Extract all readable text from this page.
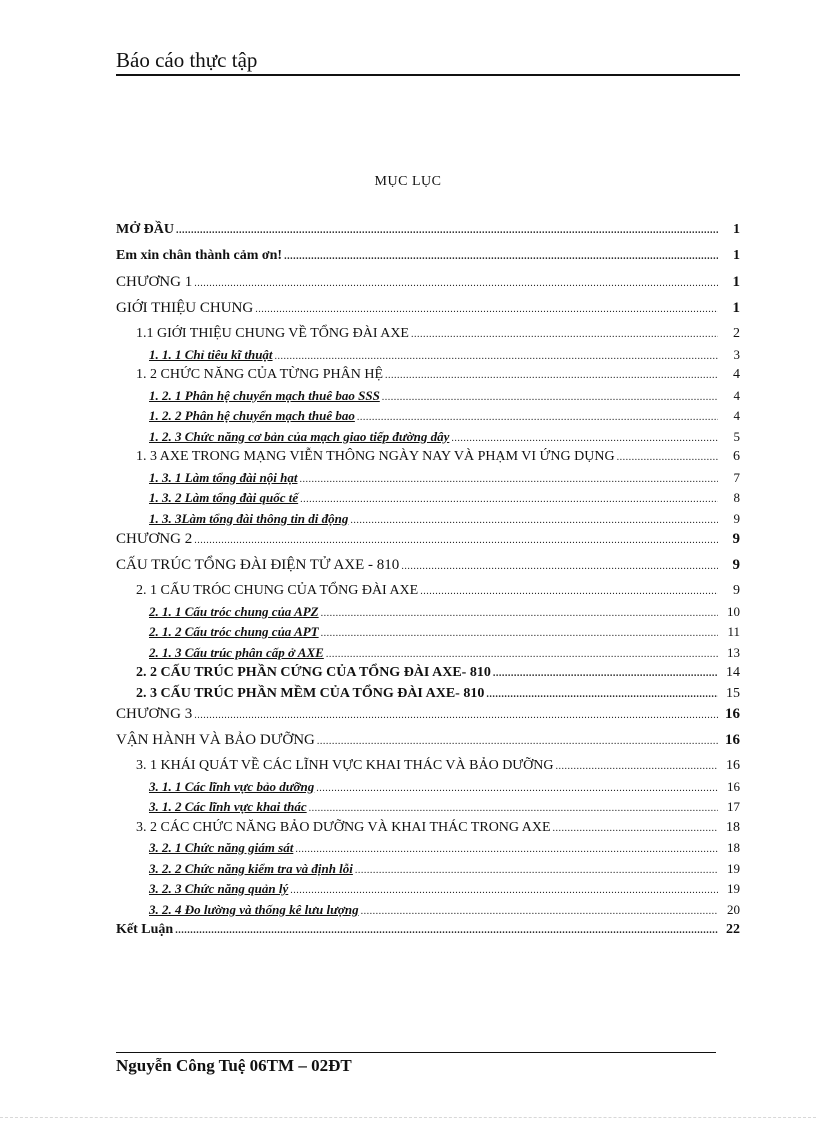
Báo cáo thực tập
MỤC LỤC
MỞ ĐẦU .....	1
Em xin chân thành cảm ơn! .....	1
CHƯƠNG 1 .....	1
GIỚI THIỆU CHUNG .....	1
1.1 GIỚI THIỆU CHUNG VỀ TỔNG ĐÀI AXE .....	2
1. 1. 1 Chỉ tiêu kĩ thuật .....	3
1. 2 CHỨC NĂNG CỦA TỪNG PHÂN HỆ .....	4
1. 2. 1 Phân hệ chuyển mạch thuê bao SSS .....	4
1. 2. 2 Phân hệ chuyển mạch thuê bao .....	4
1. 2. 3 Chức năng cơ bản của mạch giao tiếp đường dây .....	5
1. 3 AXE TRONG MẠNG VIỄN THÔNG NGÀY NAY VÀ PHẠM VI ỨNG DỤNG .....	6
1. 3. 1 Làm tổng đài nội hạt .....	7
1. 3. 2 Làm tổng đài quốc tế .....	8
1. 3. 3Làm tổng đài thông tin di động .....	9
CHƯƠNG 2 .....	9
CẤU TRÚC TỔNG ĐÀI ĐIỆN TỬ AXE - 810 .....	9
2. 1 CẤU TRÓC CHUNG CỦA TỔNG ĐÀI AXE .....	9
2. 1. 1 Cấu tróc chung của APZ .....	10
2. 1. 2 Cấu tróc chung của APT .....	11
2. 1. 3 Cấu trúc phân cấp ở AXE .....	13
2. 2 CẤU TRÚC PHẦN CỨNG CỦA TỔNG ĐÀI AXE- 810 .....	14
2. 3 CẤU TRÚC PHẦN MỀM CỦA TỔNG ĐÀI AXE- 810 .....	15
CHƯƠNG 3 .....	16
VẬN HÀNH VÀ BẢO DƯỠNG .....	16
3. 1 KHÁI QUÁT VỀ CÁC LĨNH VỰC KHAI THÁC VÀ BẢO DƯỠNG .....	16
3. 1. 1 Các lĩnh vực bảo dưỡng .....	16
3. 1. 2 Các lĩnh vực khai thác .....	17
3. 2 CÁC CHỨC NĂNG BẢO DƯỠNG VÀ KHAI THÁC TRONG AXE .....	18
3. 2. 1 Chức năng giám sát .....	18
3. 2. 2 Chức năng kiểm tra và định lỗi .....	19
3. 2. 3 Chức năng quản lý .....	19
3. 2. 4 Đo lường và thống kê lưu lượng .....	20
Kết Luận .....	22
Nguyễn Công Tuệ 06TM – 02ĐT
